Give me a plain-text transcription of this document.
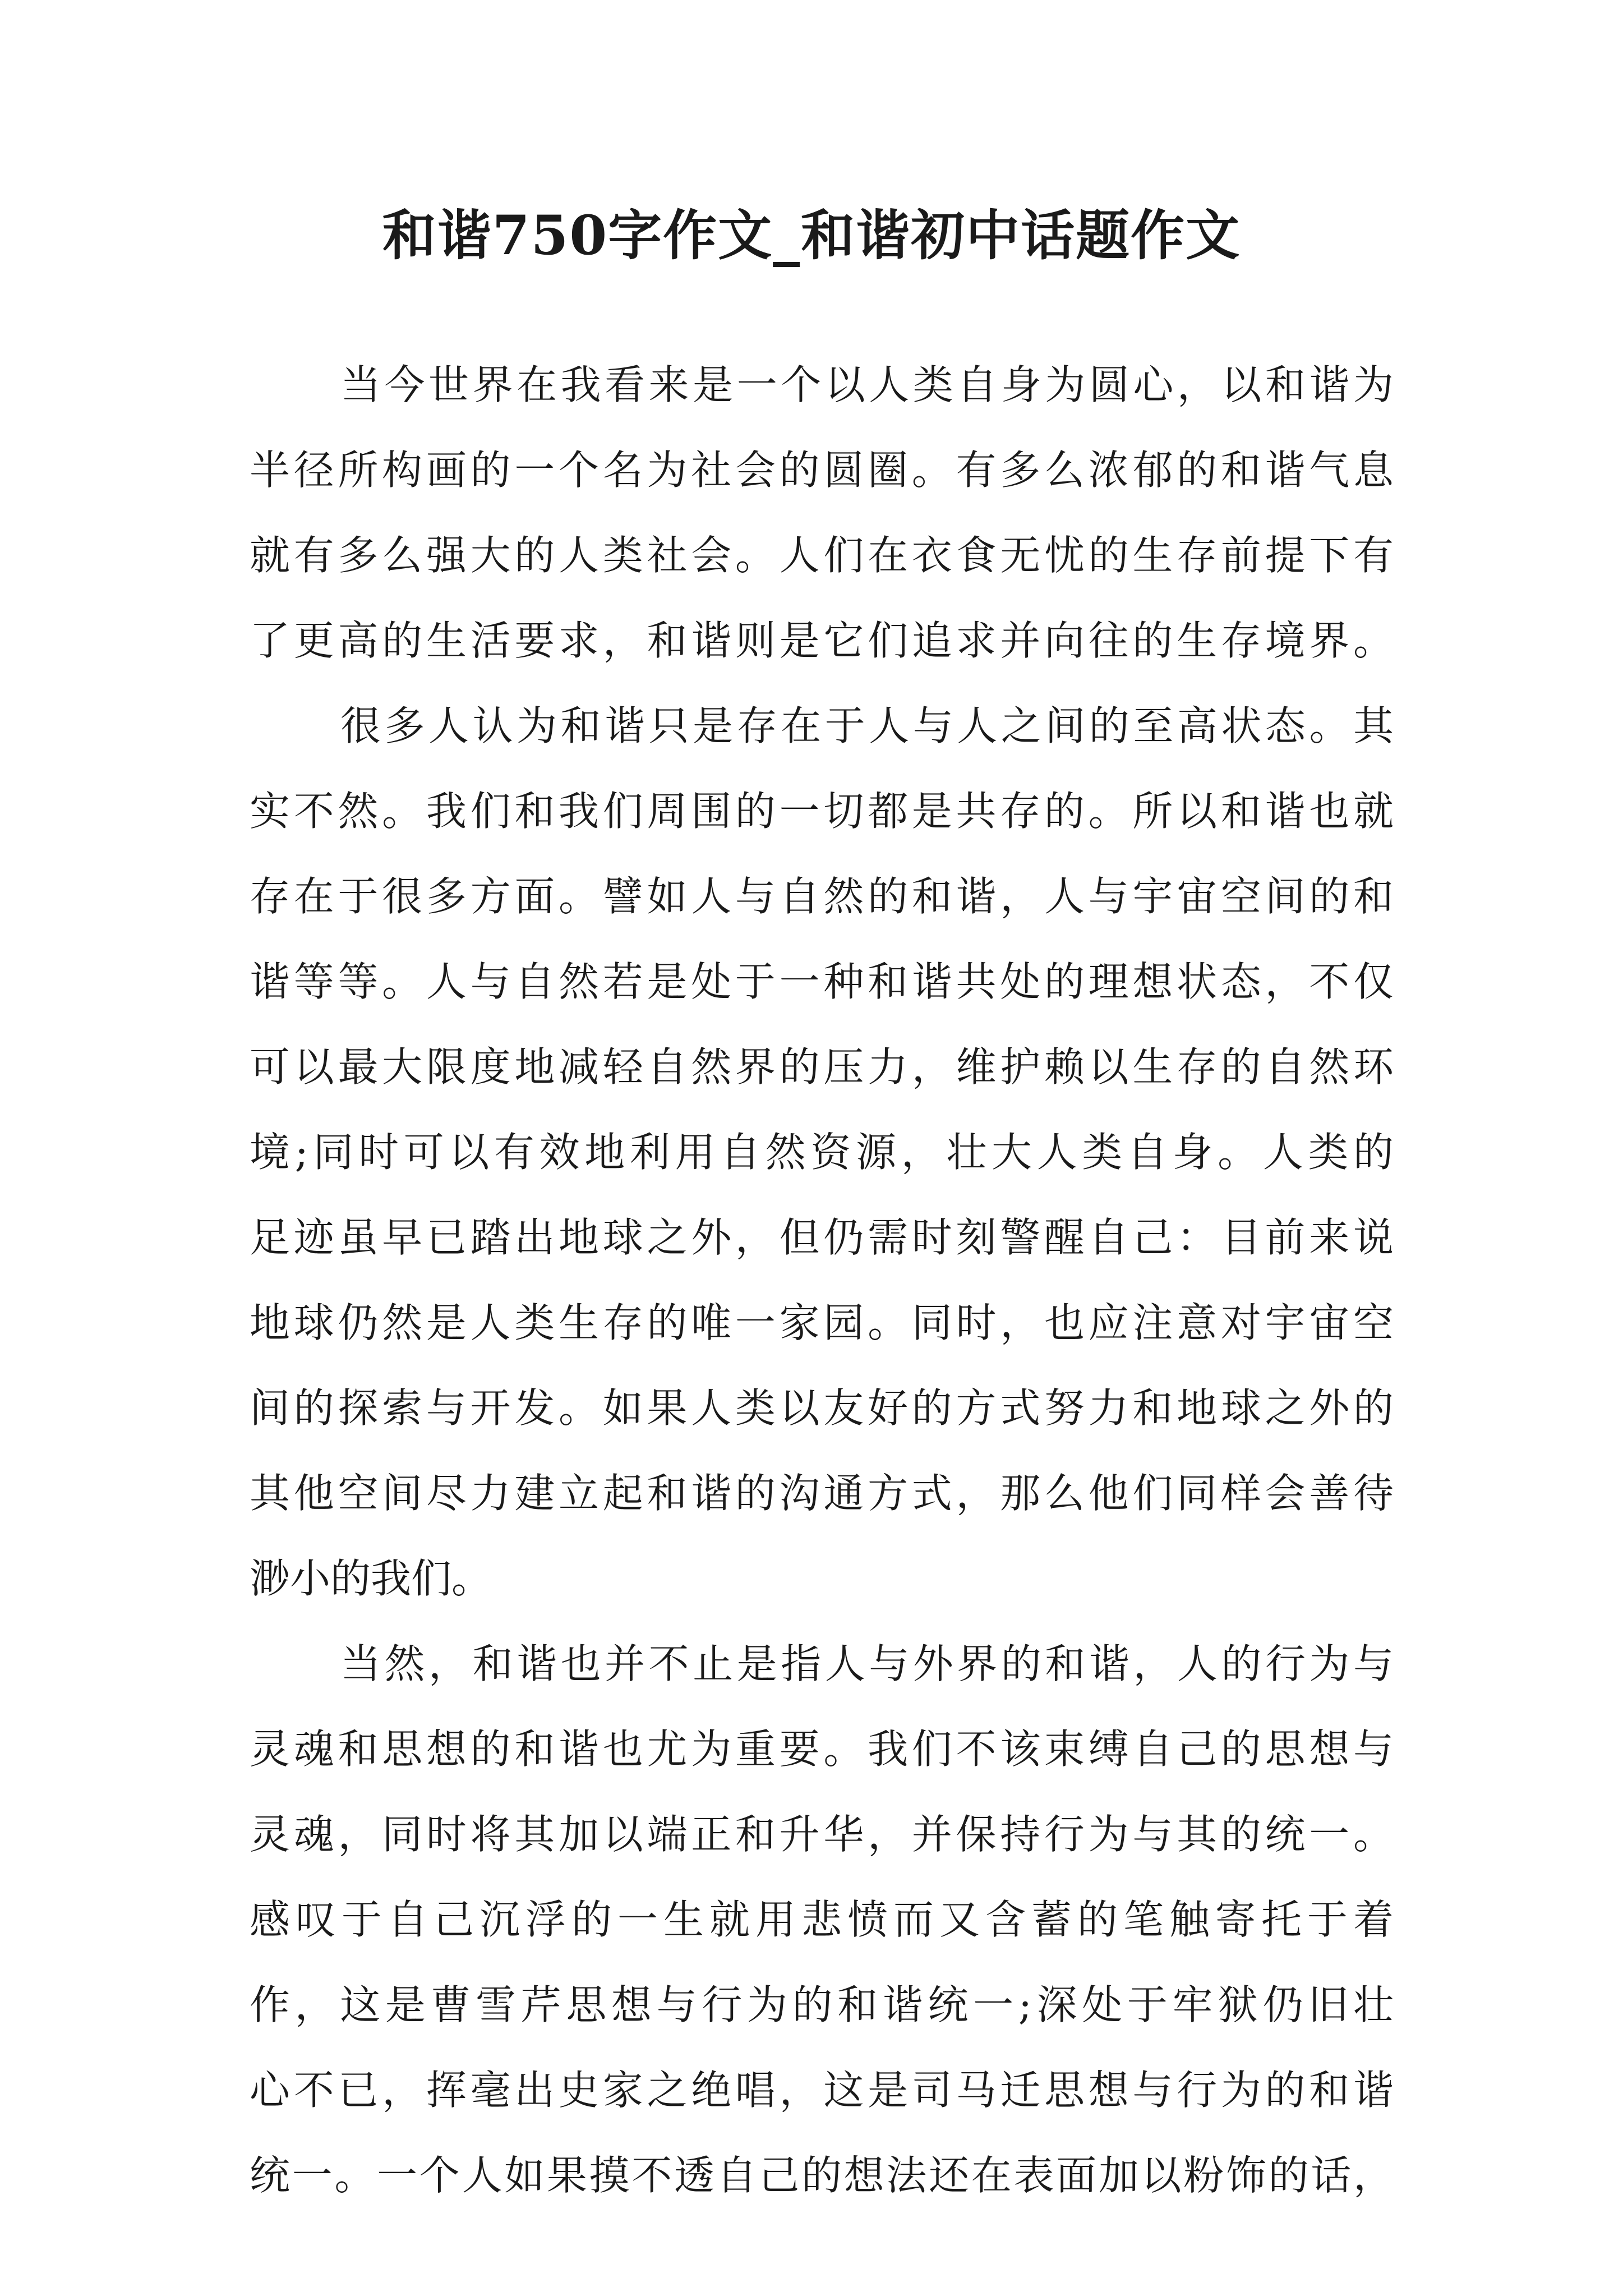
和谐750字作文_和谐初中话题作文
当今世界在我看来是一个以人类自身为圆心，以和谐为
半径所构画的一个名为社会的圆圈。有多么浓郁的和谐气息
就有多么强大的人类社会。人们在衣食无忧的生存前提下有
了更高的生活要求，和谐则是它们追求并向往的生存境界。
很多人认为和谐只是存在于人与人之间的至高状态。其
实不然。我们和我们周围的一切都是共存的。所以和谐也就
存在于很多方面。譬如人与自然的和谐，人与宇宙空间的和
谐等等。人与自然若是处于一种和谐共处的理想状态，不仅
可以最大限度地减轻自然界的压力，维护赖以生存的自然环
境;同时可以有效地利用自然资源，壮大人类自身。人类的
足迹虽早已踏出地球之外，但仍需时刻警醒自己：目前来说
地球仍然是人类生存的唯一家园。同时，也应注意对宇宙空
间的探索与开发。如果人类以友好的方式努力和地球之外的
其他空间尽力建立起和谐的沟通方式，那么他们同样会善待
渺小的我们。
当然，和谐也并不止是指人与外界的和谐，人的行为与
灵魂和思想的和谐也尤为重要。我们不该束缚自己的思想与
灵魂，同时将其加以端正和升华，并保持行为与其的统一。
感叹于自己沉浮的一生就用悲愤而又含蓄的笔触寄托于着
作，这是曹雪芹思想与行为的和谐统一;深处于牢狱仍旧壮
心不已，挥毫出史家之绝唱，这是司马迁思想与行为的和谐
统一。一个人如果摸不透自己的想法还在表面加以粉饰的话，
